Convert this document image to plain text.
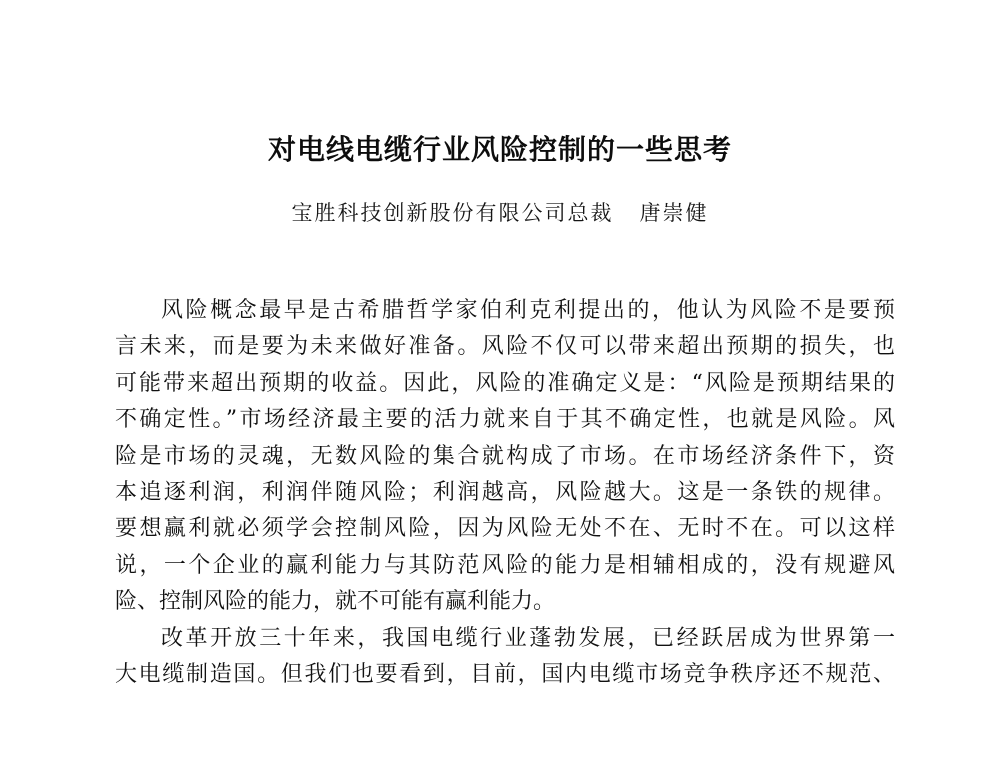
对电线电缆行业风险控制的一些思考
宝胜科技创新股份有限公司总裁 唐崇健
风险概念最早是古希腊哲学家伯利克利提出的，他认为风险不是要预
言未来，而是要为未来做好准备。风险不仅可以带来超出预期的损失，也
可能带来超出预期的收益。因此，风险的准确定义是：“风险是预期结果的
不确定性。”市场经济最主要的活力就来自于其不确定性，也就是风险。风
险是市场的灵魂，无数风险的集合就构成了市场。在市场经济条件下，资
本追逐利润，利润伴随风险；利润越高，风险越大。这是一条铁的规律。
要想赢利就必须学会控制风险，因为风险无处不在、无时不在。可以这样
说，一个企业的赢利能力与其防范风险的能力是相辅相成的，没有规避风
险、控制风险的能力，就不可能有赢利能力。
改革开放三十年来，我国电缆行业蓬勃发展，已经跃居成为世界第一
大电缆制造国。但我们也要看到，目前，国内电缆市场竞争秩序还不规范、
